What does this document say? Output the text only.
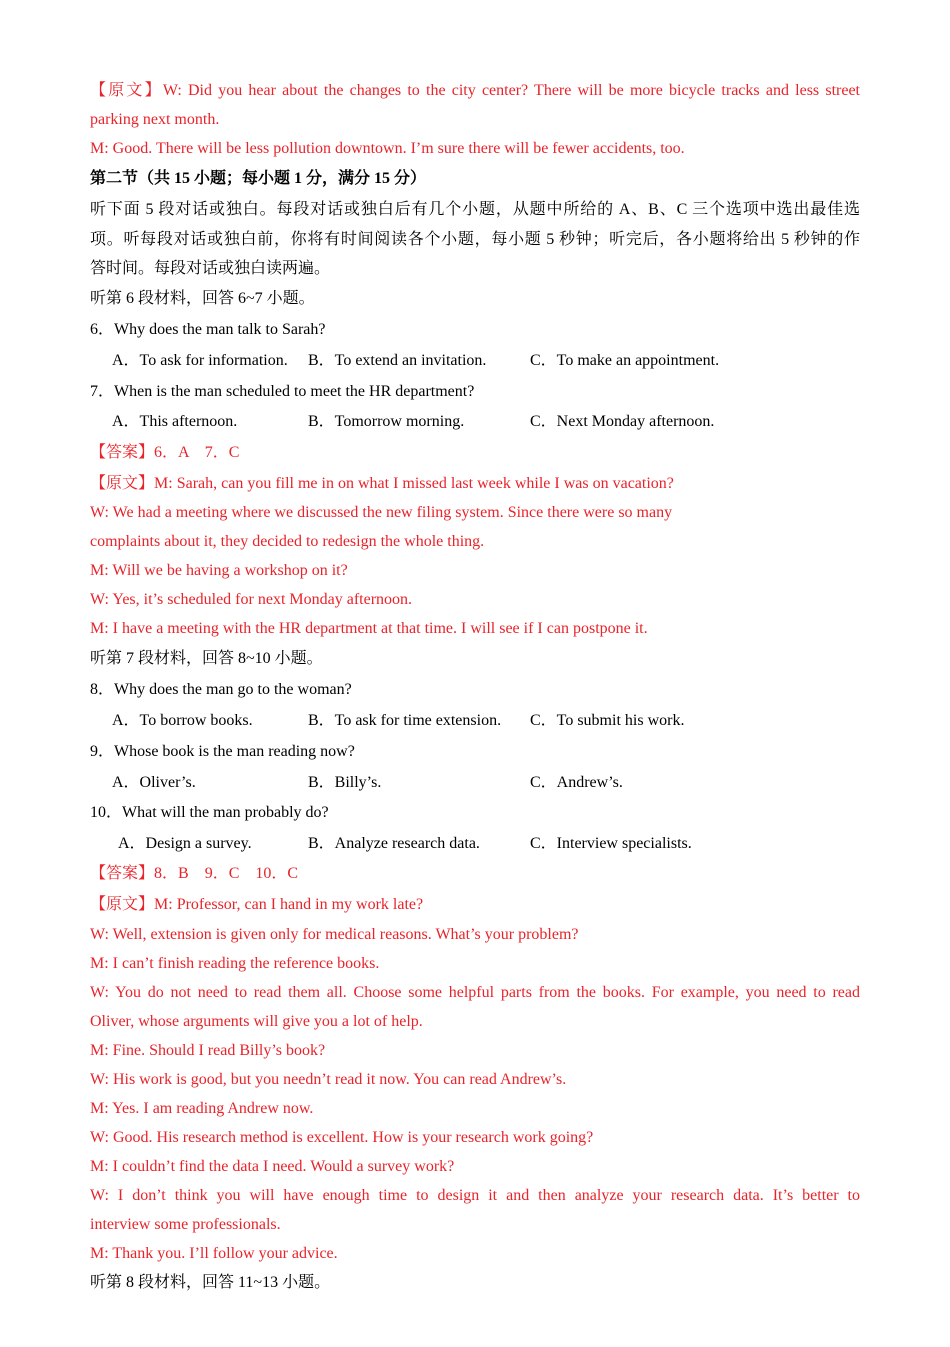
【原文】W: Did you hear about the changes to the city center? There will be more bicycle tracks and less street
parking next month.
M: Good. There will be less pollution downtown. I’m sure there will be fewer accidents, too.
第二节（共 15 小题；每小题 1 分，满分 15 分）
听下面 5 段对话或独白。每段对话或独白后有几个小题，从题中所给的 A、B、C 三个选项中选出最佳选
项。听每段对话或独白前，你将有时间阅读各个小题，每小题 5 秒钟；听完后，各小题将给出 5 秒钟的作
答时间。每段对话或独白读两遍。
听第 6 段材料，回答 6~7 小题。
6．Why does the man talk to Sarah?
A．To ask for information. B．To extend an invitation.	C．To make an appointment.
7．When is the man scheduled to meet the HR department?
A．This afternoon.	B．Tomorrow morning.	C．Next Monday afternoon.
【答案】6．A　7．C
【原文】M: Sarah, can you fill me in on what I missed last week while I was on vacation?
W: We had a meeting where we discussed the new filing system. Since there were so many
complaints about it, they decided to redesign the whole thing.
M: Will we be having a workshop on it?
W: Yes, it’s scheduled for next Monday afternoon.
M: I have a meeting with the HR department at that time. I will see if I can postpone it.
听第 7 段材料，回答 8~10 小题。
8．Why does the man go to the woman?
A．To borrow books.	B．To ask for time extension. C．To submit his work.
9．Whose book is the man reading now?
A．Oliver’s.	B．Billy’s.	C．Andrew’s.
10．What will the man probably do?
A．Design a survey.	B．Analyze research data.	C．Interview specialists.
【答案】8．B　9．C　10．C
【原文】M: Professor, can I hand in my work late?
W: Well, extension is given only for medical reasons. What’s your problem?
M: I can’t finish reading the reference books.
W: You do not need to read them all. Choose some helpful parts from the books. For example, you need to read
Oliver, whose arguments will give you a lot of help.
M: Fine. Should I read Billy’s book?
W: His work is good, but you needn’t read it now. You can read Andrew’s.
M: Yes. I am reading Andrew now.
W: Good. His research method is excellent. How is your research work going?
M: I couldn’t find the data I need. Would a survey work?
W: I don’t think you will have enough time to design it and then analyze your research data. It’s better to
interview some professionals.
M: Thank you. I’ll follow your advice.
听第 8 段材料，回答 11~13 小题。
